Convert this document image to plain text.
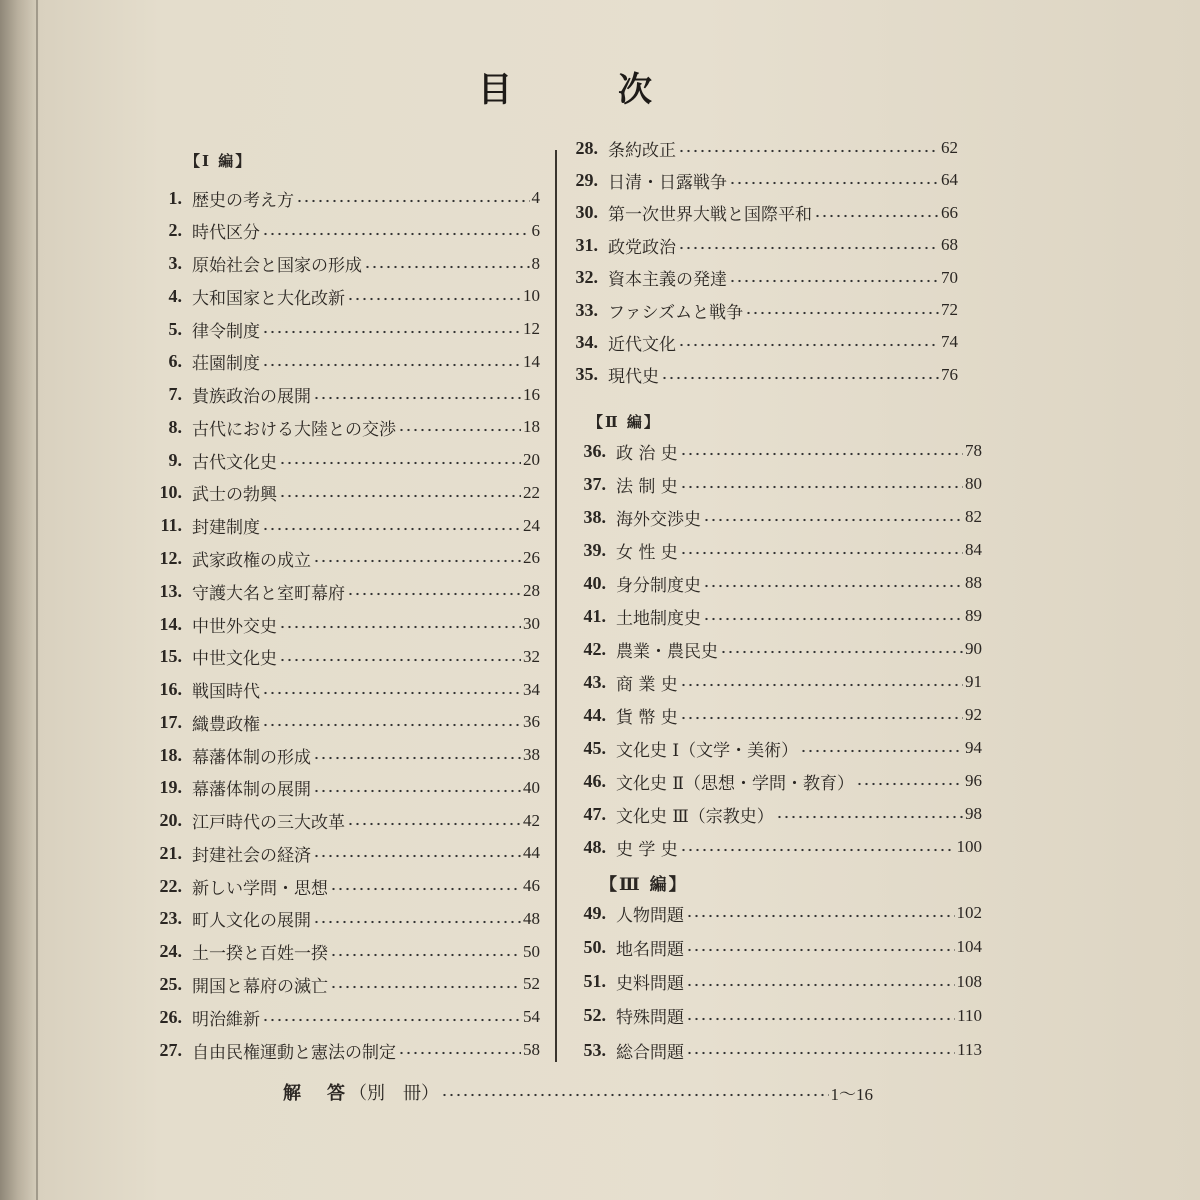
目	次
【Ⅰ 編】
【Ⅱ 編】
【Ⅲ 編】
1. 歴史の考え方	4
2. 時代区分	6
3. 原始社会と国家の形成	8
4. 大和国家と大化改新	10
5. 律令制度	12
6. 荘園制度	14
7. 貴族政治の展開	16
8. 古代における大陸との交渉	18
9. 古代文化史	20
10. 武士の勃興	22
11. 封建制度	24
12. 武家政権の成立	26
13. 守護大名と室町幕府	28
14. 中世外交史	30
15. 中世文化史	32
16. 戦国時代	34
17. 織豊政権	36
18. 幕藩体制の形成	38
19. 幕藩体制の展開	40
20. 江戸時代の三大改革	42
21. 封建社会の経済	44
22. 新しい学問・思想	46
23. 町人文化の展開	48
24. 土一揆と百姓一揆	50
25. 開国と幕府の滅亡	52
26. 明治維新	54
27. 自由民権運動と憲法の制定	58
28. 条約改正	62
29. 日清・日露戦争	64
30. 第一次世界大戦と国際平和	66
31. 政党政治	68
32. 資本主義の発達	70
33. ファシズムと戦争	72
34. 近代文化	74
35. 現代史	76
36. 政 治 史	78
37. 法 制 史	80
38. 海外交渉史	82
39. 女 性 史	84
40. 身分制度史	88
41. 土地制度史	89
42. 農業・農民史	90
43. 商 業 史	91
44. 貨 幣 史	92
45. 文化史 Ⅰ（文学・美術）	94
46. 文化史 Ⅱ（思想・学問・教育）	96
47. 文化史 Ⅲ（宗教史）	98
48. 史 学 史	100
49. 人物問題	102
50. 地名問題	104
51. 史料問題	108
52. 特殊問題	110
53. 総合問題	113
解　答 （別　冊）	1〜16
